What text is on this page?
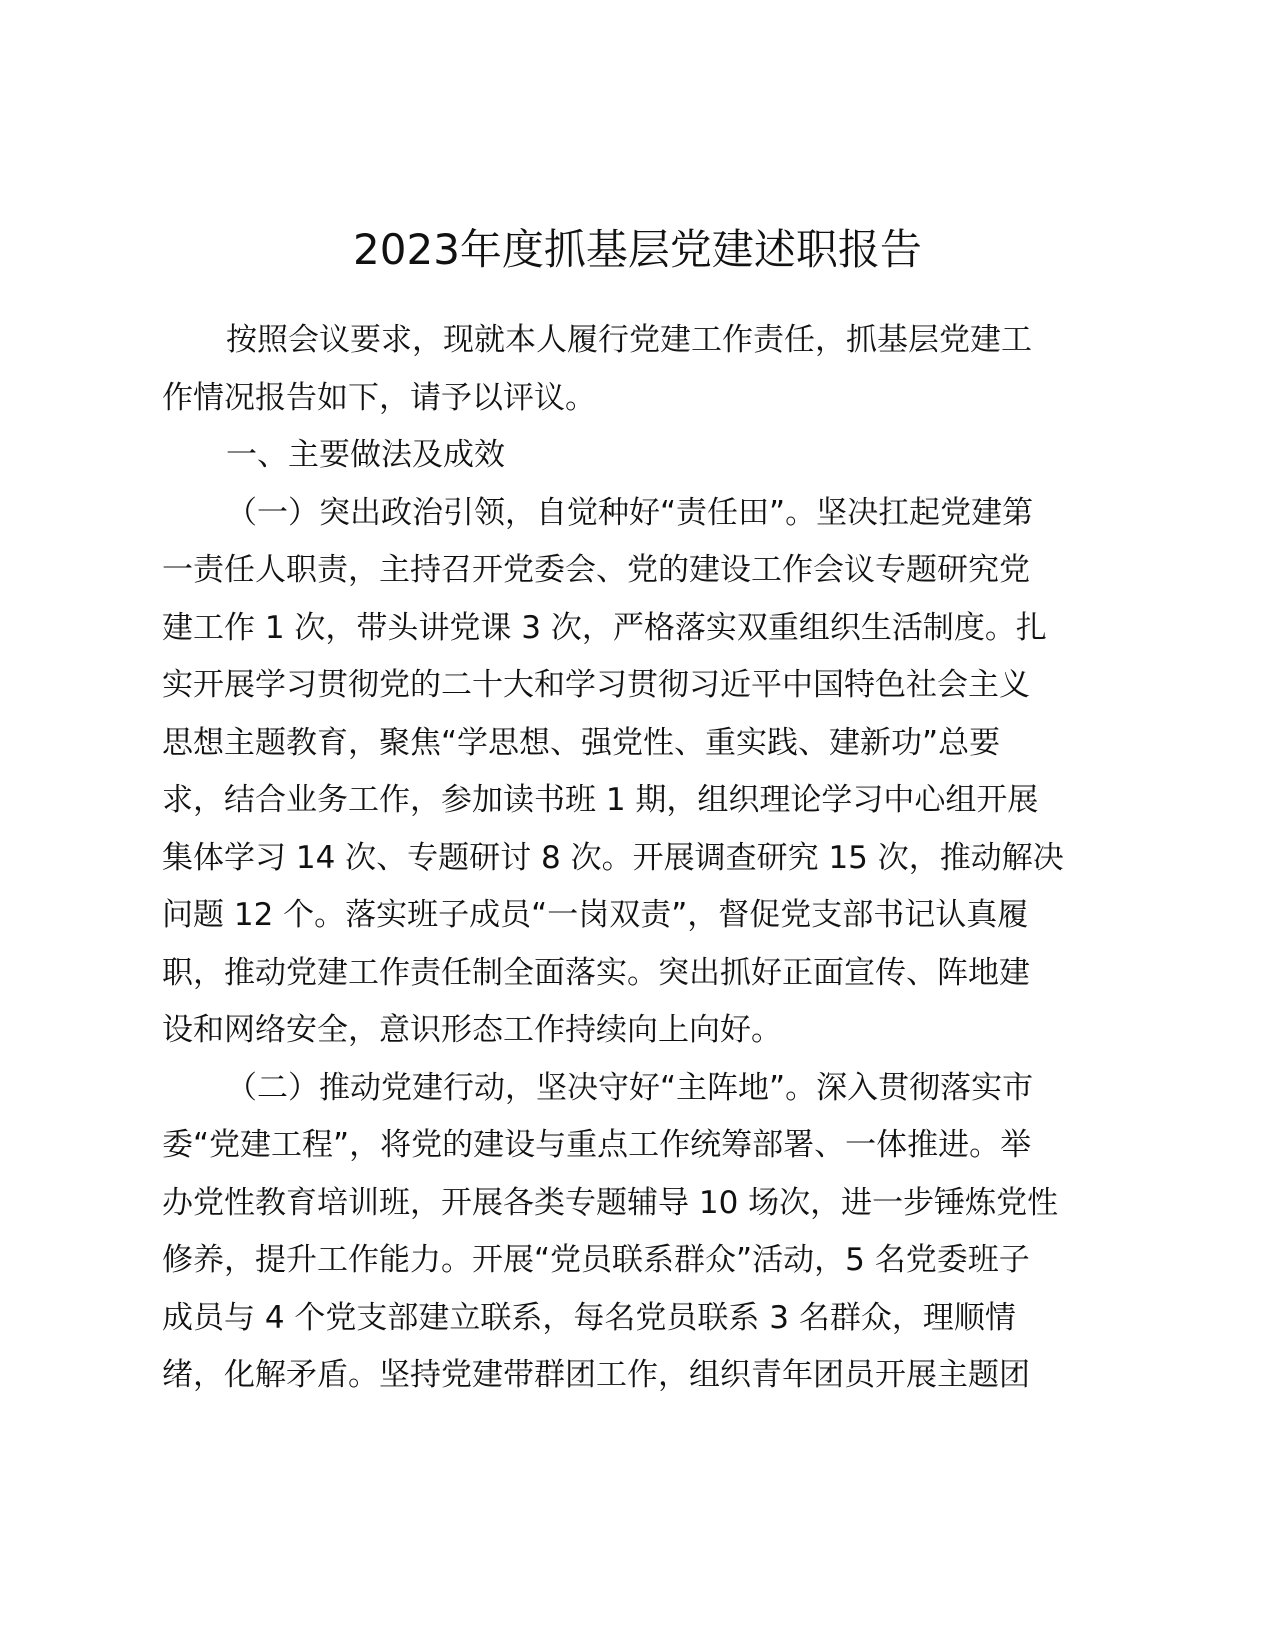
2023年度抓基层党建述职报告
按照会议要求，现就本人履行党建工作责任，抓基层党建工
作情况报告如下，请予以评议。
一、主要做法及成效
（一）突出政治引领，自觉种好“责任田”。坚决扛起党建第
一责任人职责，主持召开党委会、党的建设工作会议专题研究党
建工作 1 次，带头讲党课 3 次，严格落实双重组织生活制度。扎
实开展学习贯彻党的二十大和学习贯彻习近平中国特色社会主义
思想主题教育，聚焦“学思想、强党性、重实践、建新功”总要
求，结合业务工作，参加读书班 1 期，组织理论学习中心组开展
集体学习 14 次、专题研讨 8 次。开展调查研究 15 次，推动解决
问题 12 个。落实班子成员“一岗双责”，督促党支部书记认真履
职，推动党建工作责任制全面落实。突出抓好正面宣传、阵地建
设和网络安全，意识形态工作持续向上向好。
（二）推动党建行动，坚决守好“主阵地”。深入贯彻落实市
委“党建工程”，将党的建设与重点工作统筹部署、一体推进。举
办党性教育培训班，开展各类专题辅导 10 场次，进一步锤炼党性
修养，提升工作能力。开展“党员联系群众”活动，5 名党委班子
成员与 4 个党支部建立联系，每名党员联系 3 名群众，理顺情
绪，化解矛盾。坚持党建带群团工作，组织青年团员开展主题团
